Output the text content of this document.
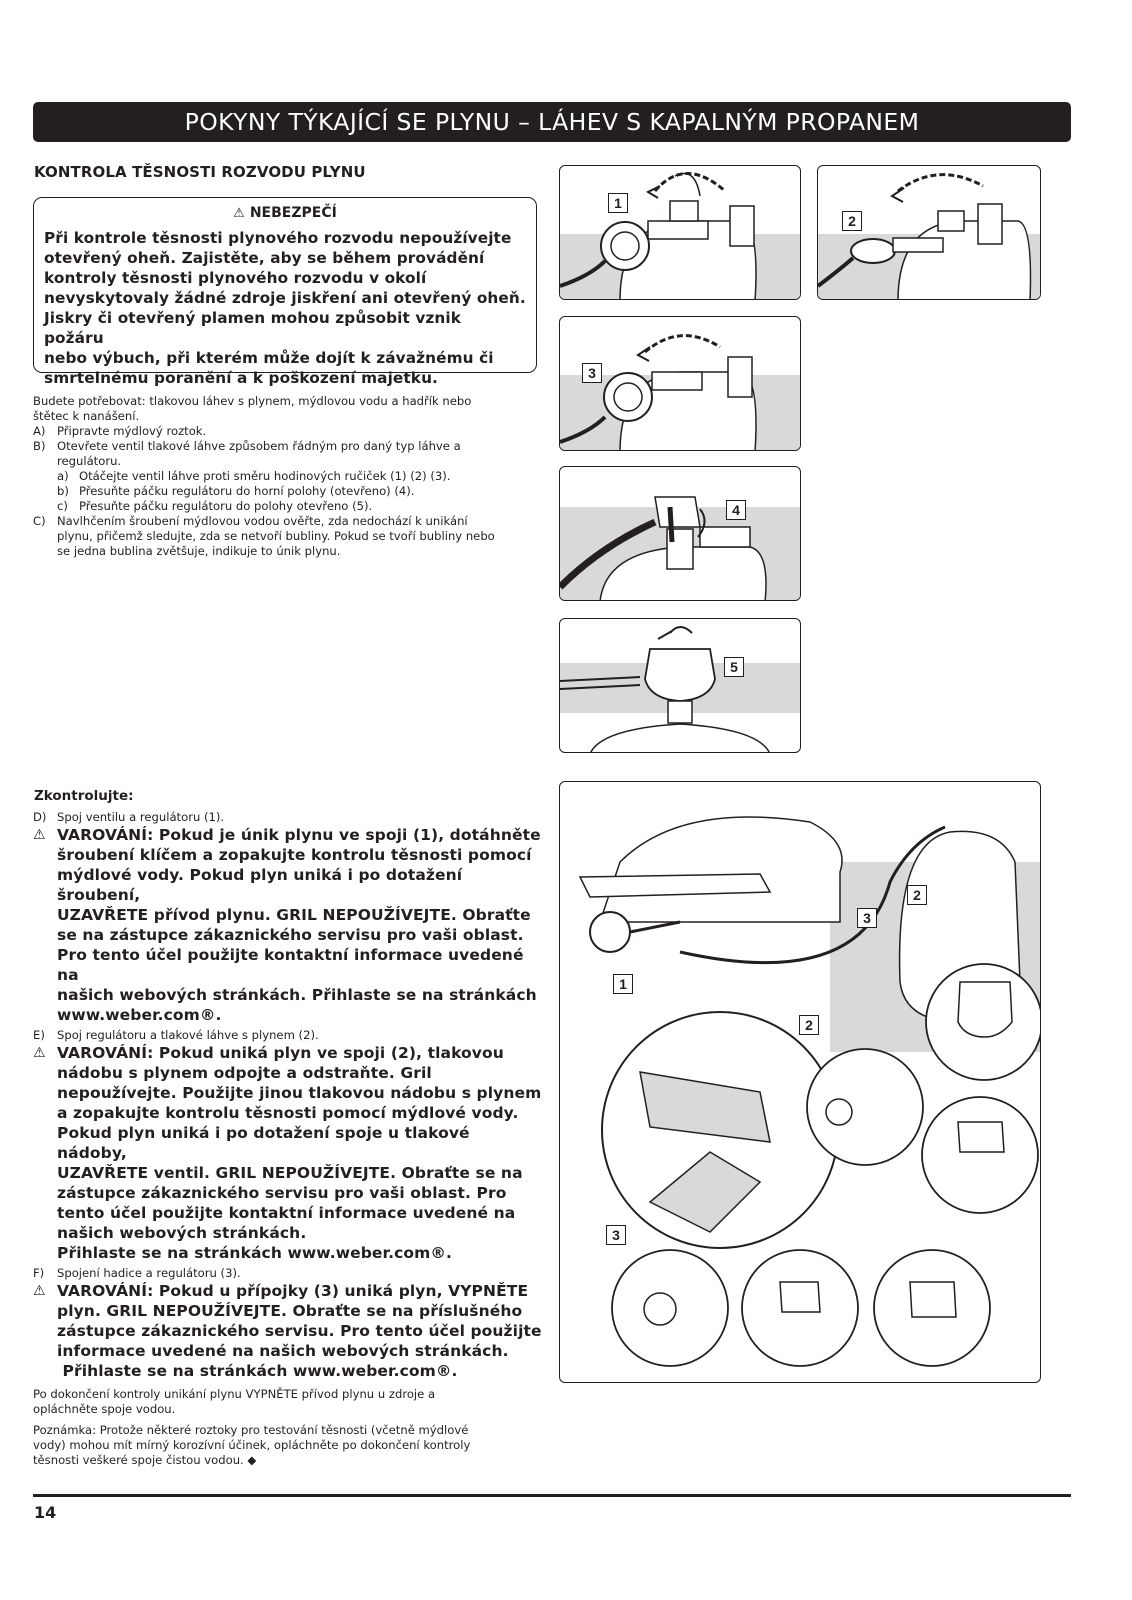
POKYNY TÝKAJÍCÍ SE PLYNU – LÁHEV S KAPALNÝM PROPANEM
KONTROLA TĚSNOSTI ROZVODU PLYNU
⚠ NEBEZPEČÍ
Při kontrole těsnosti plynového rozvodu nepoužívejte
otevřený oheň. Zajistěte, aby se během provádění
kontroly těsnosti plynového rozvodu v okolí
nevyskytovaly žádné zdroje jiskření ani otevřený oheň.
Jiskry či otevřený plamen mohou způsobit vznik požáru
nebo výbuch, při kterém může dojít k závažnému či
smrtelnému poranění a k poškození majetku.
Budete potřebovat: tlakovou láhev s plynem, mýdlovou vodu a hadřík nebo
štětec k nanášení.
A) Připravte mýdlový roztok.
B) Otevřete ventil tlakové láhve způsobem řádným pro daný typ láhve a
regulátoru.
a) Otáčejte ventil láhve proti směru hodinových ručiček (1) (2) (3).
b) Přesuňte páčku regulátoru do horní polohy (otevřeno) (4).
c) Přesuňte páčku regulátoru do polohy otevřeno (5).
C) Navlhčením šroubení mýdlovou vodou ověřte, zda nedochází k unikání
plynu, přičemž sledujte, zda se netvoří bubliny. Pokud se tvoří bubliny nebo
se jedna bublina zvětšuje, indikuje to únik plynu.
Zkontrolujte:
D) Spoj ventilu a regulátoru (1).
⚠ VAROVÁNÍ: Pokud je únik plynu ve spoji (1), dotáhněte
šroubení klíčem a zopakujte kontrolu těsnosti pomocí
mýdlové vody. Pokud plyn uniká i po dotažení šroubení,
UZAVŘETE přívod plynu. GRIL NEPOUŽÍVEJTE. Obraťte
se na zástupce zákaznického servisu pro vaši oblast.
Pro tento účel použijte kontaktní informace uvedené na
našich webových stránkách. Přihlaste se na stránkách
www.weber.com®.
E)	Spoj regulátoru a tlakové láhve s plynem (2).
⚠ VAROVÁNÍ: Pokud uniká plyn ve spoji (2), tlakovou
nádobu s plynem odpojte a odstraňte. Gril
nepoužívejte. Použijte jinou tlakovou nádobu s plynem
a zopakujte kontrolu těsnosti pomocí mýdlové vody.
Pokud plyn uniká i po dotažení spoje u tlakové nádoby,
UZAVŘETE ventil. GRIL NEPOUŽÍVEJTE. Obraťte se na
zástupce zákaznického servisu pro vaši oblast. Pro
tento účel použijte kontaktní informace uvedené na
našich webových stránkách.
Přihlaste se na stránkách www.weber.com®.
F)	Spojení hadice a regulátoru (3).
⚠ VAROVÁNÍ: Pokud u přípojky (3) uniká plyn, VYPNĚTE
plyn. GRIL NEPOUŽÍVEJTE. Obraťte se na příslušného
zástupce zákaznického servisu. Pro tento účel použijte
informace uvedené na našich webových stránkách.
Přihlaste se na stránkách www.weber.com®.
Po dokončení kontroly unikání plynu VYPNĚTE přívod plynu u zdroje a
opláchněte spoje vodou.
Poznámka: Protože některé roztoky pro testování těsnosti (včetně mýdlové
vody) mohou mít mírný korozívní účinek, opláchněte po dokončení kontroly
těsnosti veškeré spoje čistou vodou. ◆
1
2
3
4
5
1
2
3
2
3
14
